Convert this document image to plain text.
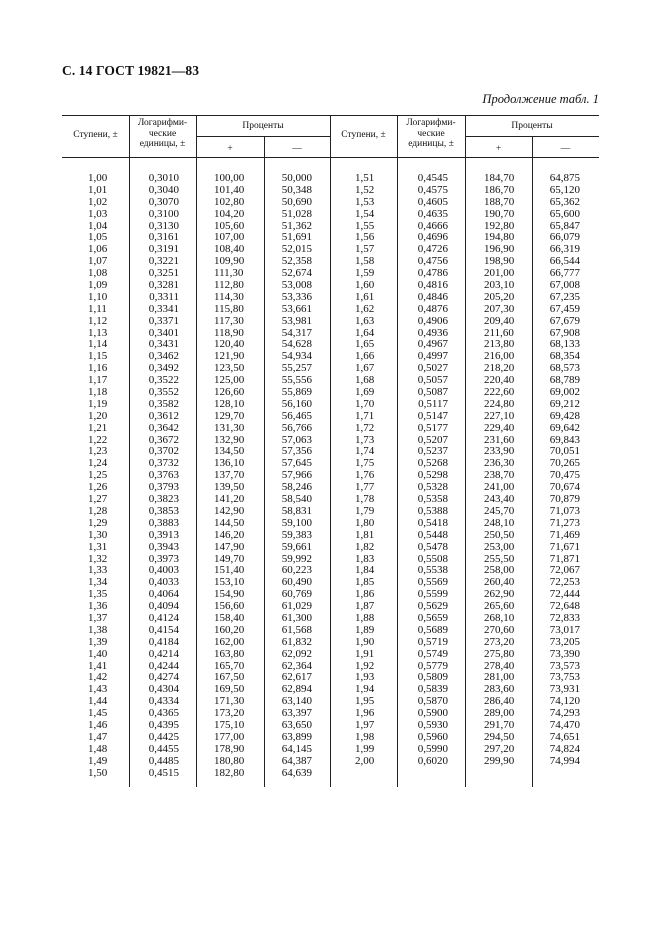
С. 14 ГОСТ 19821—83
Продолжение табл. 1
Ступени, ±
Логарифми-
ческие
единицы, ±
Проценты
+	—
Ступени, ±
Логарифми-
ческие
единицы, ±
Проценты
+	—
1,00
1,01
1,02
1,03
1,04
1,05
1,06
1,07
1,08
1,09
1,10
1,11
1,12
1,13
1,14
1,15
1,16
1,17
1,18
1,19
1,20
1,21
1,22
1,23
1,24
1,25
1,26
1,27
1,28
1,29
1,30
1,31
1,32
1,33
1,34
1,35
1,36
1,37
1,38
1,39
1,40
1,41
1,42
1,43
1,44
1,45
1,46
1,47
1,48
1,49
1,50
0,3010
0,3040
0,3070
0,3100
0,3130
0,3161
0,3191
0,3221
0,3251
0,3281
0,3311
0,3341
0,3371
0,3401
0,3431
0,3462
0,3492
0,3522
0,3552
0,3582
0,3612
0,3642
0,3672
0,3702
0,3732
0,3763
0,3793
0,3823
0,3853
0,3883
0,3913
0,3943
0,3973
0,4003
0,4033
0,4064
0,4094
0,4124
0,4154
0,4184
0,4214
0,4244
0,4274
0,4304
0,4334
0,4365
0,4395
0,4425
0,4455
0,4485
0,4515
100,00
101,40
102,80
104,20
105,60
107,00
108,40
109,90
111,30
112,80
114,30
115,80
117,30
118,90
120,40
121,90
123,50
125,00
126,60
128,10
129,70
131,30
132,90
134,50
136,10
137,70
139,50
141,20
142,90
144,50
146,20
147,90
149,70
151,40
153,10
154,90
156,60
158,40
160,20
162,00
163,80
165,70
167,50
169,50
171,30
173,20
175,10
177,00
178,90
180,80
182,80
50,000
50,348
50,690
51,028
51,362
51,691
52,015
52,358
52,674
53,008
53,336
53,661
53,981
54,317
54,628
54,934
55,257
55,556
55,869
56,160
56,465
56,766
57,063
57,356
57,645
57,966
58,246
58,540
58,831
59,100
59,383
59,661
59,992
60,223
60,490
60,769
61,029
61,300
61,568
61,832
62,092
62,364
62,617
62,894
63,140
63,397
63,650
63,899
64,145
64,387
64,639
1,51
1,52
1,53
1,54
1,55
1,56
1,57
1,58
1,59
1,60
1,61
1,62
1,63
1,64
1,65
1,66
1,67
1,68
1,69
1,70
1,71
1,72
1,73
1,74
1,75
1,76
1,77
1,78
1,79
1,80
1,81
1,82
1,83
1,84
1,85
1,86
1,87
1,88
1,89
1,90
1,91
1,92
1,93
1,94
1,95
1,96
1,97
1,98
1,99
2,00
0,4545
0,4575
0,4605
0,4635
0,4666
0,4696
0,4726
0,4756
0,4786
0,4816
0,4846
0,4876
0,4906
0,4936
0,4967
0,4997
0,5027
0,5057
0,5087
0,5117
0,5147
0,5177
0,5207
0,5237
0,5268
0,5298
0,5328
0,5358
0,5388
0,5418
0,5448
0,5478
0,5508
0,5538
0,5569
0,5599
0,5629
0,5659
0,5689
0,5719
0,5749
0,5779
0,5809
0,5839
0,5870
0,5900
0,5930
0,5960
0,5990
0,6020
184,70
186,70
188,70
190,70
192,80
194,80
196,90
198,90
201,00
203,10
205,20
207,30
209,40
211,60
213,80
216,00
218,20
220,40
222,60
224,80
227,10
229,40
231,60
233,90
236,30
238,70
241,00
243,40
245,70
248,10
250,50
253,00
255,50
258,00
260,40
262,90
265,60
268,10
270,60
273,20
275,80
278,40
281,00
283,60
286,40
289,00
291,70
294,50
297,20
299,90
64,875
65,120
65,362
65,600
65,847
66,079
66,319
66,544
66,777
67,008
67,235
67,459
67,679
67,908
68,133
68,354
68,573
68,789
69,002
69,212
69,428
69,642
69,843
70,051
70,265
70,475
70,674
70,879
71,073
71,273
71,469
71,671
71,871
72,067
72,253
72,444
72,648
72,833
73,017
73,205
73,390
73,573
73,753
73,931
74,120
74,293
74,470
74,651
74,824
74,994
